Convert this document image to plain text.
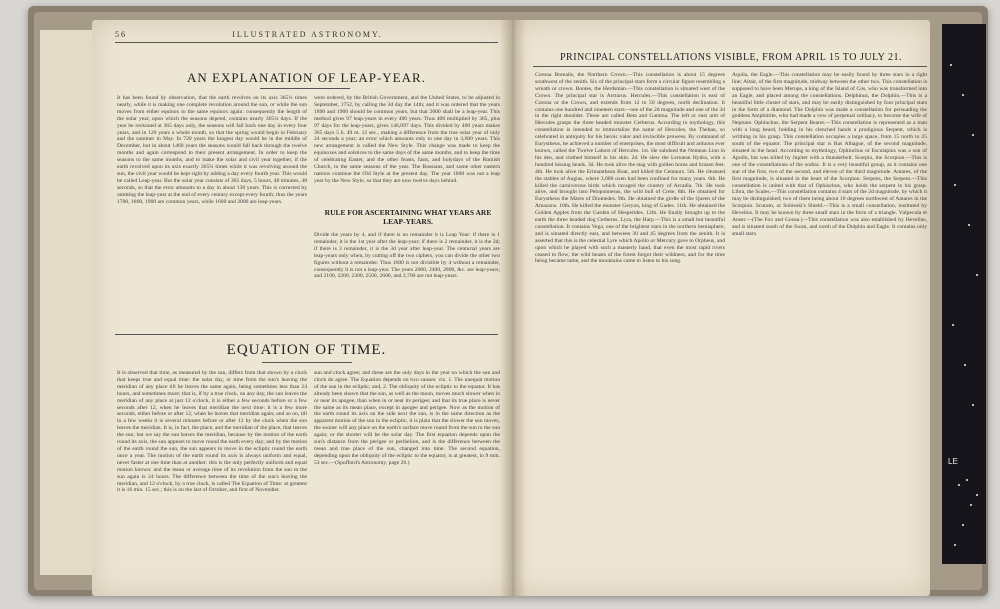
LE
56	ILLUSTRATED ASTRONOMY.
AN EXPLANATION OF LEAP-YEAR.
It has been found by observation, that the earth revolves on its axis 365¼ times nearly, while it is making one complete revolution around the sun, or while the sun moves from either equinox to the same equinox again: consequently the length of the solar year, upon which the seasons depend, contains nearly 365¼ days. If the year be reckoned at 365 days only, the seasons will fall back one day in every four years, and in 120 years a whole month, so that the spring would begin in February and the summer in May. In 720 years the longest day would be in the middle of December, but in about 1460 years the seasons would fall back through the twelve months and again correspond to their present arrangement. In order to keep the seasons to the same months, and to make the solar and civil year together, if the earth revolved upon its axis exactly 365¼ times while it was revolving around the sun, the civil year would be kept right by adding a day every fourth year. This would be called Leap-year. But the solar year consists of 365 days, 5 hours, 48 minutes, 48 seconds, so that the error amounts to a day in about 130 years. This is corrected by omitting the leap-year at the end of every century except every fourth; thus the years 1700, 1800, 1900 are common years, while 1600 and 2000 are leap-years.
were ordered, by the British Government, and the United States, to be adjusted in September, 1752, by calling the 3d day the 14th; and it was ordered that the years 1800 and 1900 should be common years, but that 2000 shall be a leap-year. This method gives 97 leap-years in every 400 years. Thus 400 multiplied by 365, plus 97 days for the leap-years, gives 146,097 days. This divided by 400 years makes 365 days 5 h. 49 m. 12 sec., making a difference from the true solar year of only 24 seconds a year; an error which amounts only to one day in 3,600 years. This new arrangement is called the New Style. This change was made to keep the equinoxes and solstices to the same days of the same months, and to keep the time of celebrating Easter, and the other feasts, fasts, and holydays of the Romish Church, to the same seasons of the year. The Russians, and some other eastern nations continue the Old Style at the present day. The year 1800 was not a leap year by the New Style, so that they are now twelve days behind.
RULE FOR ASCERTAINING WHAT YEARS ARE LEAP-YEARS.
Divide the years by 4, and if there is no remainder it is Leap Year: if there is 1 remainder, it is the 1st year after the leap-year; if there is 2 remainder, it is the 2d; if there is 3 remainder, it is the 3d year after leap-year. The centurial years are leap-years only when, by cutting off the two ciphers, you can divide the other two figures without a remainder. Thus 1600 is not divisible by 4 without a remainder, consequently it is not a leap-year. The years 2000, 2400, 2800, &c. are leap-years; and 2100, 2200, 2300, 2500, 2600, and 2,700 are not leap-years.
EQUATION OF TIME.
It is observed that time, as measured by the sun, differs from that shown by a clock that keeps true and equal time: the solar day, or time from the sun's leaving the meridian of any place till he leaves the same again, being sometimes less than 24 hours, and sometimes more; that is, if by a true clock, on any day, the sun leaves the meridian of any place at just 12 o'clock, it is either a few seconds before or a few seconds after 12, when he leaves that meridian the next time: it is a few more seconds, either before or after 12, when he leaves that meridian again; and so on, till in a few weeks it is several minutes before or after 12 by the clock when the sun leaves the meridian. It is, in fact, the place, and the meridian of the place, that leaves the sun; but we say the sun leaves the meridian, because by the motion of the earth round its axis, the sun appears to move round the earth every day; and by the motion of the earth round the sun, the sun appears to move in the ecliptic round the earth once a year. The motion of the earth round its axis is always uniform and equal, never faster at one time than at another: this is the only perfectly uniform and equal motion known: and the mean or average time of its revolution from the sun to the sun again is 24 hours. The difference between the time of the sun's leaving the meridian, and 12 o'clock, by a true clock, is called The Equation of Time: at greatest it is 16 min. 15 sec.; this is on the last of October, and first of November.
sun and clock agree; and these are the only days in the year on which the sun and clock do agree. The Equation depends on two causes: viz. 1. The unequal motion of the sun in the ecliptic; and, 2. The obliquity of the ecliptic to the equator. It has already been shown that the sun, as well as the moon, moves much slower when in or near its apogee, than when in or near its perigee; and that its true place is never the same as its mean place, except in apogee and perigee. Now as the motion of the earth round its axis on the side next the sun, is in the same direction as the apparent motion of the sun in the ecliptic, it is plain that the slower the sun moves, the sooner will any place on the earth's surface move round from the sun to the sun again; or the shorter will be the solar day. The first equation depends upon the sun's distance from the perigee or perihelion, and is the difference between the mean and true place of the sun, changed into time. The second equation, depending upon the obliquity of the ecliptic to the equator, is at greatest, in 9 min. 53 sec.—(Spofford's Astronomy, page 29.)
PRINCIPAL CONSTELLATIONS VISIBLE, FROM APRIL 15 TO JULY 21.
Corona Borealis, the Northern Crown.—This constellation is about 15 degrees southwest of the zenith. Six of the principal stars form a circular figure resembling a wreath or crown. Bootes, the Herdsman.—This constellation is situated west of the Crown. The principal star is Arcturus. Hercules.—This constellation is east of Corona or the Crown, and extends from 12 to 50 degrees, north declination. It contains one hundred and nineteen stars—one of the 2d magnitude and one of the 3d in the right shoulder. These are called Beta and Gamma. The left or east arm of Hercules grasps the three headed monster Cerberus. According to mythology, this constellation is intended to immortalize the name of Hercules, the Theban, so celebrated in antiquity for his heroic valor and invincible prowess. By command of Eurystheus, he achieved a number of enterprises, the most difficult and arduous ever known, called the Twelve Labors of Hercules. 1st. He subdued the Nemean Lion in his den, and clothed himself in his skin. 2d. He slew the Lernæan Hydra, with a hundred hissing heads. 3d. He took alive the stag with golden horns and brazen feet. 4th. He took alive the Erimanthean Boar, and killed the Centaurs. 5th. He cleansed the stables of Augias, where 3,000 oxen had been confined for many years. 6th. He killed the carnivorous birds which ravaged the country of Arcadia. 7th. He took alive, and brought into Peloponnesus, the wild bull of Crete. 8th. He obtained for Eurystheus the Mares of Diomedes. 9th. He obtained the girdle of the Queen of the Amazons. 10th. He killed the monster Geryon, king of Gades. 11th. He obtained the Golden Apples from the Garden of Hesperides. 12th. He finally brought up to the earth the three headed dog Cerberus. Lyra, the Harp.—This is a small but beautiful constellation. It contains Vega, one of the brightest stars in the northern hemisphere, and is situated directly east, and between 30 and 45 degrees from the zenith. It is asserted that this is the celestial Lyre which Apollo or Mercury gave to Orpheus, and upon which he played with such a masterly hand, that even the most rapid rivers ceased to flow; the wild beasts of the forest forgot their wildness, and for the time being became tame, and the mountains came to listen to his song.
Aquila, the Eagle.—This constellation may be easily found by three stars in a right line; Altair, of the first magnitude, midway between the other two. This constellation is supposed to have been Merops, a king of the Island of Cos, who was transformed into an Eagle, and placed among the constellations. Delphinus, the Dolphin.—This is a beautiful little cluster of stars, and may be easily distinguished by four principal stars in the form of a diamond. The Dolphin was made a constellation for persuading the goddess Amphitrite, who had made a vow of perpetual celibacy, to become the wife of Neptune. Ophiuchus, the Serpent Bearer.—This constellation is represented as a man with a long beard, holding in his clenched hands a prodigious Serpent, which is writhing in his grasp. This constellation occupies a large space, from 15 north to 25 south of the equator. The principal star is Ras Alhague, of the second magnitude, situated in the head. According to mythology, Ophiuchus or Esculapius was a son of Apollo, but was killed by Jupiter with a thunderbolt. Scorpio, the Scorpion.—This is one of the constellations of the zodiac. It is a very beautiful group, as it contains one star of the first, two of the second, and eleven of the third magnitude. Antares, of the first magnitude, is situated in the heart of the Scorpion. Serpens, the Serpent.—This constellation is united with that of Ophiuchus, who holds the serpent in his grasp. Libra, the Scales.—This constellation contains 4 stars of the 2d magnitude, by which it may be distinguished; two of them being about 10 degrees northwest of Antares in the Scorpion. Scutum, or Sobieski's Shield.—This is a small constellation, instituted by Hevelius. It may be known by three small stars in the form of a triangle. Vulpecula et Anser.—(The Fox and Goose.)—This constellation was also established by Hevelius, and is situated south of the Swan, and north of the Dolphin and Eagle. It contains only small stars.
